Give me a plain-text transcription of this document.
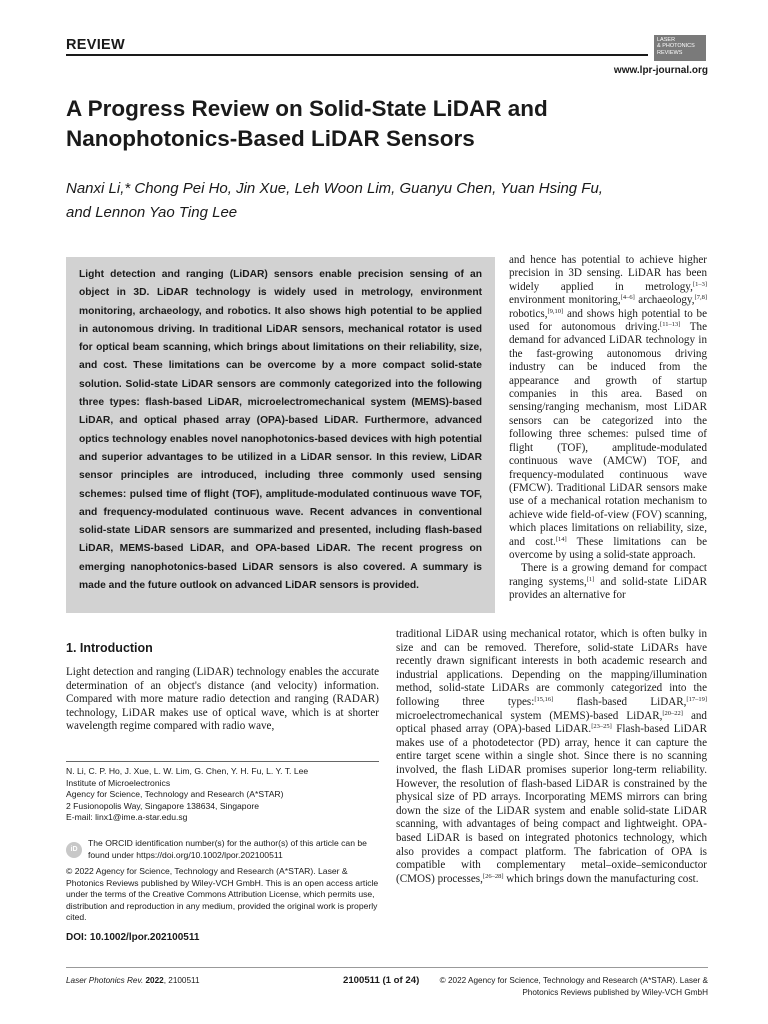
REVIEW	LASER
& PHOTONICS
REVIEWS
www.lpr-journal.org
A Progress Review on Solid-State LiDAR and
Nanophotonics-Based LiDAR Sensors
Nanxi Li,* Chong Pei Ho, Jin Xue, Leh Woon Lim, Guanyu Chen, Yuan Hsing Fu,
and Lennon Yao Ting Lee
Light detection and ranging (LiDAR) sensors enable precision sensing of an object in 3D. LiDAR technology is widely used in metrology, environment monitoring, archaeology, and robotics. It also shows high potential to be applied in autonomous driving. In traditional LiDAR sensors, mechanical rotator is used for optical beam scanning, which brings about limitations on their reliability, size, and cost. These limitations can be overcome by a more compact solid-state solution. Solid-state LiDAR sensors are commonly categorized into the following three types: flash-based LiDAR, microelectromechanical system (MEMS)-based LiDAR, and optical phased array (OPA)-based LiDAR. Furthermore, advanced optics technology enables novel nanophotonics-based devices with high potential and superior advantages to be utilized in a LiDAR sensor. In this review, LiDAR sensor principles are introduced, including three commonly used sensing schemes: pulsed time of flight (TOF), amplitude-modulated continuous wave TOF, and frequency-modulated continuous wave. Recent advances in conventional solid-state LiDAR sensors are summarized and presented, including flash-based LiDAR, MEMS-based LiDAR, and OPA-based LiDAR. The recent progress on emerging nanophotonics-based LiDAR sensors is also covered. A summary is made and the future outlook on advanced LiDAR sensors is provided.

and hence has potential to achieve higher precision in 3D sensing. LiDAR has been widely applied in metrology,[1–3] environment monitoring,[4–6] archaeology,[7,8] robotics,[9,10] and shows high potential to be used for autonomous driving.[11–13] The demand for advanced LiDAR technology in the fast-growing autonomous driving industry can be induced from the appearance and growth of startup companies in this area. Based on sensing/ranging mechanism, most LiDAR sensors can be categorized into the following three schemes: pulsed time of flight (TOF), amplitude-modulated continuous wave (AMCW) TOF, and frequency-modulated continuous wave (FMCW). Traditional LiDAR sensors make use of a mechanical rotation mechanism to achieve wide field-of-view (FOV) scanning, which places limitations on reliability, size, and cost.[14] These limitations can be overcome by using a solid-state approach.

There is a growing demand for compact ranging systems,[1] and solid-state LiDAR provides an alternative for

1. Introduction
Light detection and ranging (LiDAR) technology enables the accurate determination of an object's distance (and velocity) information. Compared with more mature radio detection and ranging (RADAR) technology, LiDAR makes use of optical wave, which is at shorter wavelength regime compared with radio wave,
traditional LiDAR using mechanical rotator, which is often bulky in size and can be removed. Therefore, solid-state LiDARs have recently drawn significant interests in both academic research and industrial applications. Depending on the mapping/illumination method, solid-state LiDARs are commonly categorized into the following three types:[15,16] flash-based LiDAR,[17–19] microelectromechanical system (MEMS)-based LiDAR,[20–22] and optical phased array (OPA)-based LiDAR.[23–25] Flash-based LiDAR makes use of a photodetector (PD) array, hence it can capture the entire target scene within a single shot. Since there is no scanning involved, the flash LiDAR promises superior long-term reliability. However, the resolution of flash-based LiDAR is constrained by the physical size of PD arrays. Incorporating MEMS mirrors can bring down the size of the LiDAR system and enable solid-state LiDAR scanning, with advantages of being compact and lightweight. OPA-based LiDAR is based on integrated photonics technology, which also provides a compact platform. The fabrication of OPA is compatible with complementary metal–oxide–semiconductor (CMOS) processes,[26–28] which brings down the manufacturing cost.
N. Li, C. P. Ho, J. Xue, L. W. Lim, G. Chen, Y. H. Fu, L. Y. T. Lee
Institute of Microelectronics
Agency for Science, Technology and Research (A*STAR)
2 Fusionopolis Way, Singapore 138634, Singapore
E-mail: linx1@ime.a-star.edu.sg
iD
The ORCID identification number(s) for the author(s) of this article can be found under https://doi.org/10.1002/lpor.202100511
© 2022 Agency for Science, Technology and Research (A*STAR). Laser & Photonics Reviews published by Wiley-VCH GmbH. This is an open access article under the terms of the Creative Commons Attribution License, which permits use, distribution and reproduction in any medium, provided the original work is properly cited.
DOI: 10.1002/lpor.202100511
Laser Photonics Rev. 2022, 2100511	2100511 (1 of 24)	© 2022 Agency for Science, Technology and Research (A*STAR). Laser &
Photonics Reviews published by Wiley-VCH GmbH
